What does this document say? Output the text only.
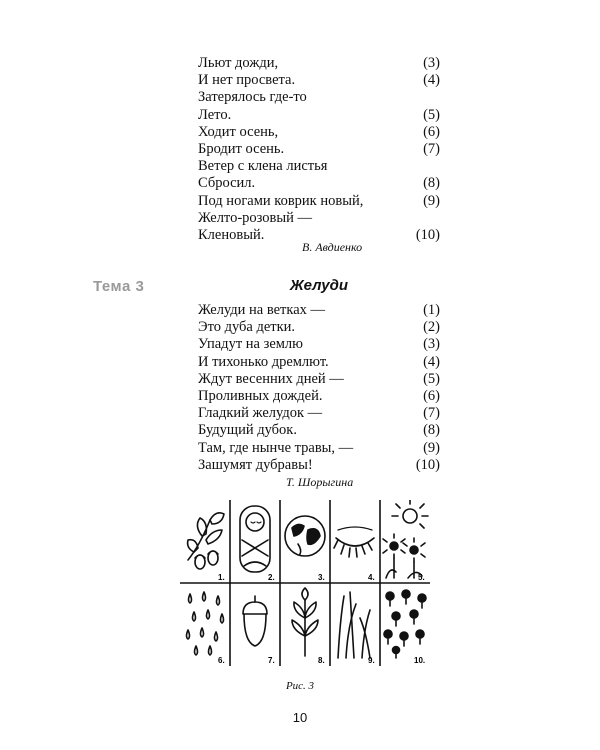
Льют дожди,	(3)
И нет просвета.	(4)
Затерялось где-то
Лето.	(5)
Ходит осень,	(6)
Бродит осень.	(7)
Ветер с клена листья
Сбросил.	(8)
Под ногами коврик новый,	(9)
Желто-розовый —
Кленовый.	(10)
В. Авдиенко
Тема 3	Желуди
Желуди на ветках —	(1)
Это дуба детки.	(2)
Упадут на землю	(3)
И тихонько дремлют.	(4)
Ждут весенних дней —	(5)
Проливных дождей.	(6)
Гладкий желудок —	(7)
Будущий дубок.	(8)
Там, где нынче травы, —	(9)
Зашумят дубравы!	(10)
Т. Шорыгина
1.	2.	3.	4.	5.
6.	7.	8.	9.	10.
Рис. 3
10
